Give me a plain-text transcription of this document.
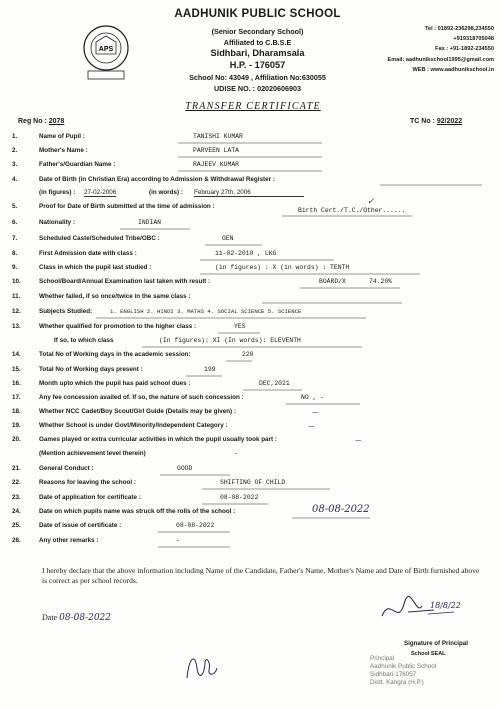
APS
AADHUNIK PUBLIC SCHOOL
(Senior Secondary School)
Affiliated to C.B.S.E
Sidhbari, Dharamsala
H.P. - 176057
School No: 43049 , Affiliation No:630055
UDISE NO. : 02020606903
Tel : 01892-236298,234550
+919318705048
Fax : +91-1892-234550
Email: aadhunikschool1995@gmail.com
WEB : www.aadhunikschool.in
TRANSFER CERTIFICATE
Reg No : 2078	TC No : 92/2022
1.	Name of Pupil :	TANISHI KUMAR
2.	Mother's Name :	PARVEEN LATA
3.	Father's/Guardian Name :	RAJEEV KUMAR
4.	Date of Birth (in Christian Era) according to Admission & Withdrawal Register :
(in figures) : 27-02-2006	(in words) : February 27th, 2006
5.	Proof for Date of Birth submitted at the time of admission :
Birth Cert./T.C./Other......
✓
6.	Nationality :	INDIAN
7.	Scheduled Caste/Scheduled Tribe/OBC :	GEN
8.	First Admission date with class :	11-02-2010 , LKG
9.	Class in which the pupil last studied :	(in figures) : X (in words) : TENTH
10.	School/Board/Annual Examination last taken with result :	BOARD/X	74.20%
11.	Whether failed, if so once/twice in the same class :
12.	Subjects Studied:	1. ENGLISH 2. HINDI 3. MATHS 4. SOCIAL SCIENCE 5. SCIENCE
13.	Whether qualified for promotion to the higher class :	YES
If so, to which class	(In figures): XI (In words): ELEVENTH
14.	Total No of Working days in the academic session:	220
15.	Total No of Working days present :	199
16.	Month upto which the pupil has paid school dues :	DEC,2021
17.	Any fee concession availed of. If so, the nature of such concession :	NO , -
18.	Whether NCC Cadet/Boy Scout/Girl Guide (Details may be given) :	—
19.	Whether School is under Govt/Minority/Independent Category :	—
20.	Games played or extra curricular activities in which the pupil usually took part :	—
(Mention achievement level therein)	-
21.	General Conduct :	GOOD
22.	Reasons for leaving the school :	SHIFTING OF CHILD
23.	Date of application for certificate :	08-08-2022
24.	Date on which pupils name was struck off the rolls of the school :	08-08-2022
25.	Date of issue of certificate :	08-08-2022
26.	Any other remarks :	-
I hereby declare that the above information including Name of the Candidate, Father's Name, Mother's Name and Date of Birth furnished above is correct as per school records.
Date 08-08-2022
18/8/22
Signature of Principal
School SEAL
Principal
Aadhunik Public School
Sidhbari-176057
Distt. Kangra (H.P.)
